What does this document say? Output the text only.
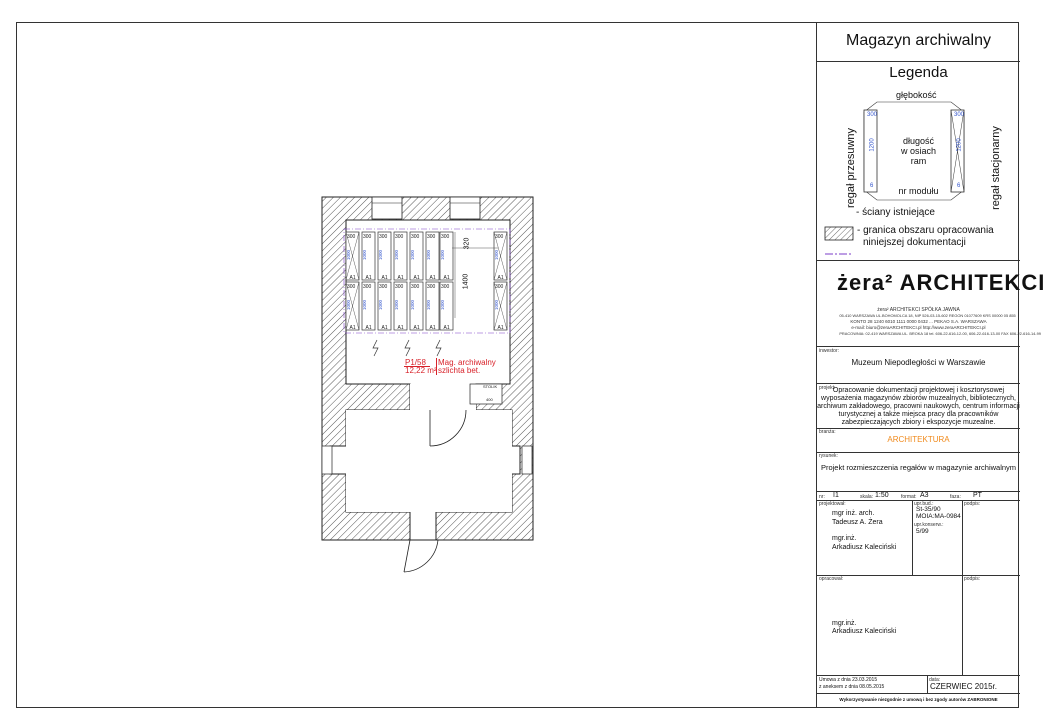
300
1000
A1
300
1000
A1
300
1000
A1
300
1000
A1
300
1000
A1
300
1000
A1
300
1000
A1
300
1000
A1
300
1000
A1
300
1000
A1
300
1000
A1
300
1000
A1
300
1000
A1
300
1000
A1
300
1000
A1
300
1000
A1
320
1400
P1/58
12,22 m²
Mag. archiwalny
szlichta bet.
STOLIK
400
Magazyn archiwalny
Legenda
głębokość
regał przesuwny	regał stacjonarny
długość
w osiach
ram
nr modułu
300
1200
6
300
1200
6
- ściany istniejące
- granica obszaru opracowania
niniejszej dokumentacji
żera² ARCHITEKCI
żera² ARCHITEKCI SPÓŁKA JAWNA
05-410 WARSZAWA UL.BOHOMOLCA 18, NIP 526-03-15-602 REGON 01077609 KRS 00000 05 855
KONTO 28 1240 6010 1111 0000 0432 ... PEKAO S.A. WARSZAWA
e-mail: biuro@zeraARCHITEKCI.pl http://www.zeraARCHITEKCI.pl
PRACOWNIA: 02-419 WARSZAWA UL. BROKA 18 tel. 606-22-616-12-00, 606-22-616-13-00 FAX 606-22-616-14-99
inwestor:
Muzeum Niepodległości w Warszawie
projekt:
Opracowanie dokumentacji projektowej i kosztorysowej
wyposażenia magazynów zbiorów muzealnych, bibliotecznych,
archiwum zakładowego, pracowni naukowych, centrum informacji
turystycznej a także miejsca pracy dla pracowników
zabezpieczających zbiory i ekspozycje muzealne.
branża:
ARCHITEKTURA
rysunek:
Projekt rozmieszczenia regałów w magazynie archiwalnym
nr: I1	skala: 1:50 format: A3	faza: PT
projektował:	upr.bud.:
St-35/90
MOIA:MA-0984
upr.konserw.:
5/99
podpis:
mgr inż. arch.
Tadeusz A. Żera
mgr.inż.
Arkadiusz Kaleciński
opracował:	podpis:
mgr.inż.
Arkadiusz Kaleciński
Umowa z dnia 23.03.2015
z aneksem z dnia 08.05.2015
data:
CZERWIEC 2015r.
Wykorzystywanie niezgodnie z umową i bez zgody autorów ZABRONIONE
